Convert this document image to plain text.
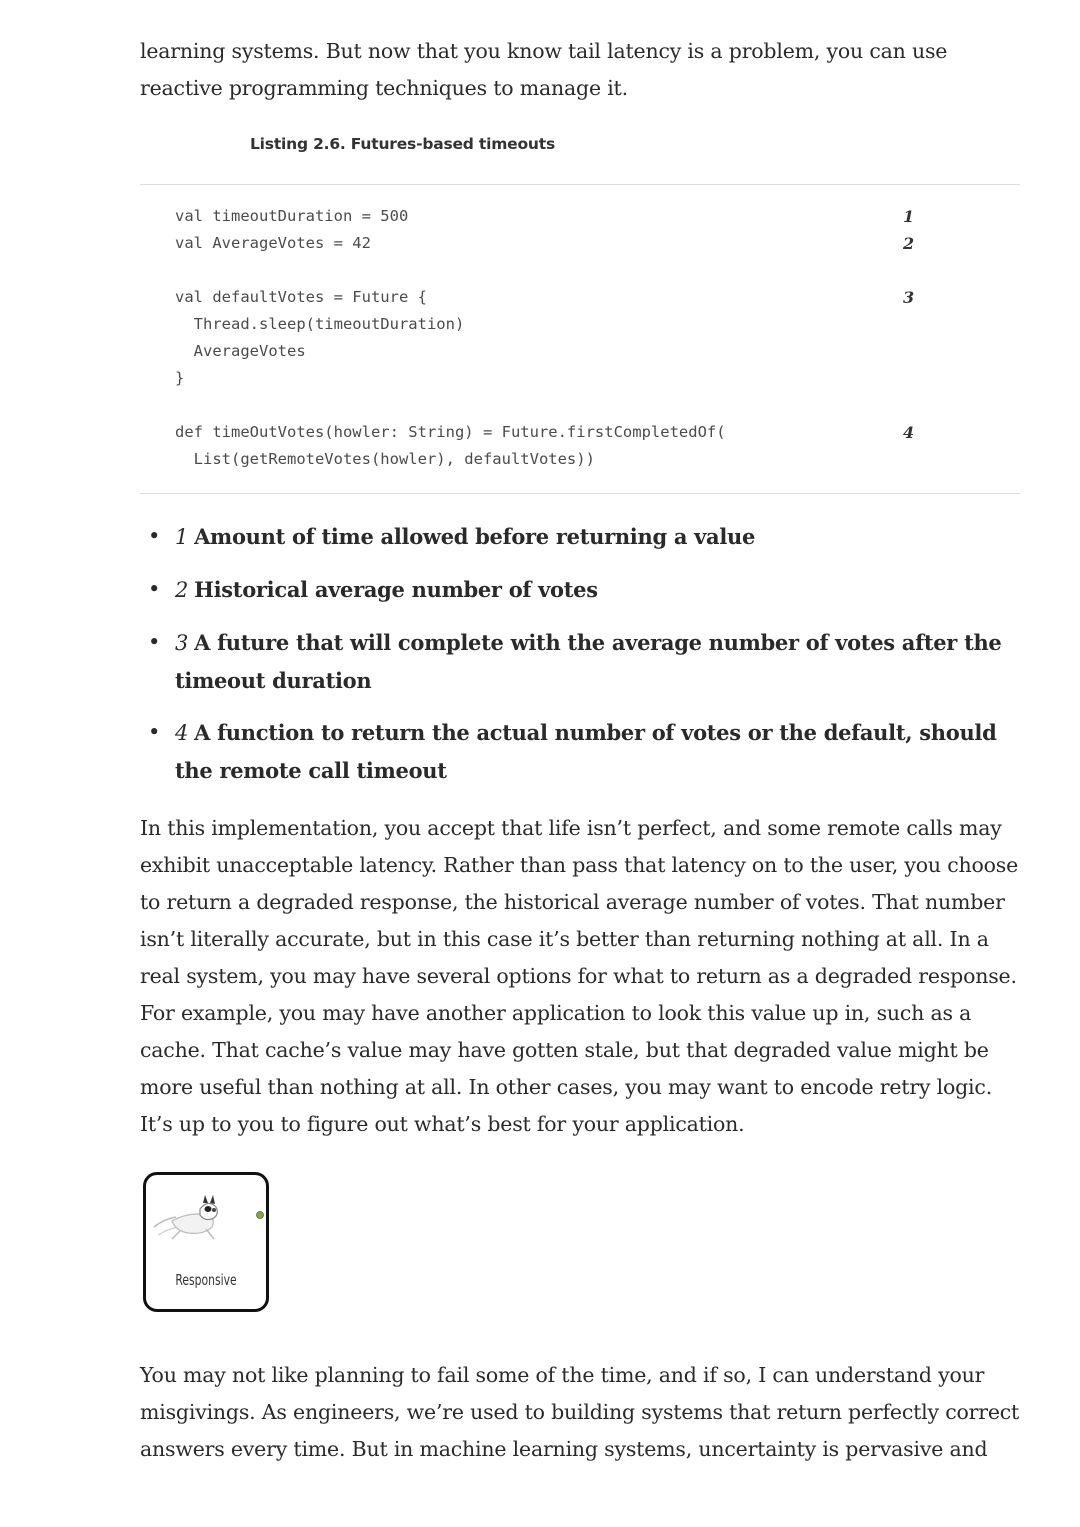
learning systems. But now that you know tail latency is a problem, you can use reactive programming techniques to manage it.

Listing 2.6. Futures-based timeouts
val timeoutDuration = 500	1
val AverageVotes = 42	2
val defaultVotes = Future {	3
Thread.sleep(timeoutDuration)
AverageVotes
}
def timeOutVotes(howler: String) = Future.firstCompletedOf(	4
List(getRemoteVotes(howler), defaultVotes))
• 1 Amount of time allowed before returning a value
• 2 Historical average number of votes
• 3 A future that will complete with the average number of votes after the timeout duration
• 4 A function to return the actual number of votes or the default, should the remote call timeout

In this implementation, you accept that life isn’t perfect, and some remote calls may exhibit unacceptable latency. Rather than pass that latency on to the user, you choose to return a degraded response, the historical average number of votes. That number isn’t literally accurate, but in this case it’s better than returning nothing at all. In a real system, you may have several options for what to return as a degraded response. For example, you may have another application to look this value up in, such as a cache. That cache’s value may have gotten stale, but that degraded value might be more useful than nothing at all. In other cases, you may want to encode retry logic. It’s up to you to figure out what’s best for your application.

Responsive

You may not like planning to fail some of the time, and if so, I can understand your misgivings. As engineers, we’re used to building systems that return perfectly correct answers every time. But in machine learning systems, uncertainty is pervasive and
